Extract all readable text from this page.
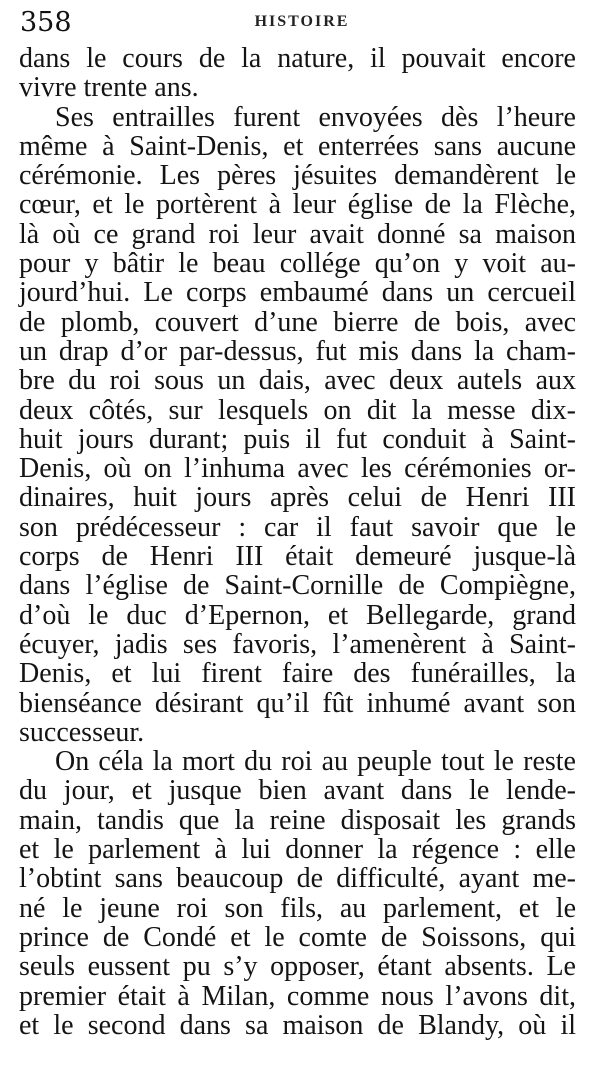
358	HISTOIRE
dans le cours de la nature, il pouvait encore
vivre trente ans.
Ses entrailles furent envoyées dès l’heure
même à Saint-Denis, et enterrées sans aucune
cérémonie. Les pères jésuites demandèrent le
cœur, et le portèrent à leur église de la Flèche,
là où ce grand roi leur avait donné sa maison
pour y bâtir le beau collége qu’on y voit au-
jourd’hui. Le corps embaumé dans un cercueil
de plomb, couvert d’une bierre de bois, avec
un drap d’or par-dessus, fut mis dans la cham-
bre du roi sous un dais, avec deux autels aux
deux côtés, sur lesquels on dit la messe dix-
huit jours durant; puis il fut conduit à Saint-
Denis, où on l’inhuma avec les cérémonies or-
dinaires, huit jours après celui de Henri III
son prédécesseur : car il faut savoir que le
corps de Henri III était demeuré jusque-là
dans l’église de Saint-Cornille de Compiègne,
d’où le duc d’Epernon, et Bellegarde, grand
écuyer, jadis ses favoris, l’amenèrent à Saint-
Denis, et lui firent faire des funérailles, la
bienséance désirant qu’il fût inhumé avant son
successeur.
On céla la mort du roi au peuple tout le reste
du jour, et jusque bien avant dans le lende-
main, tandis que la reine disposait les grands
et le parlement à lui donner la régence : elle
l’obtint sans beaucoup de difficulté, ayant me-
né le jeune roi son fils, au parlement, et le
prince de Condé et le comte de Soissons, qui
seuls eussent pu s’y opposer, étant absents. Le
premier était à Milan, comme nous l’avons dit,
et le second dans sa maison de Blandy, où il
